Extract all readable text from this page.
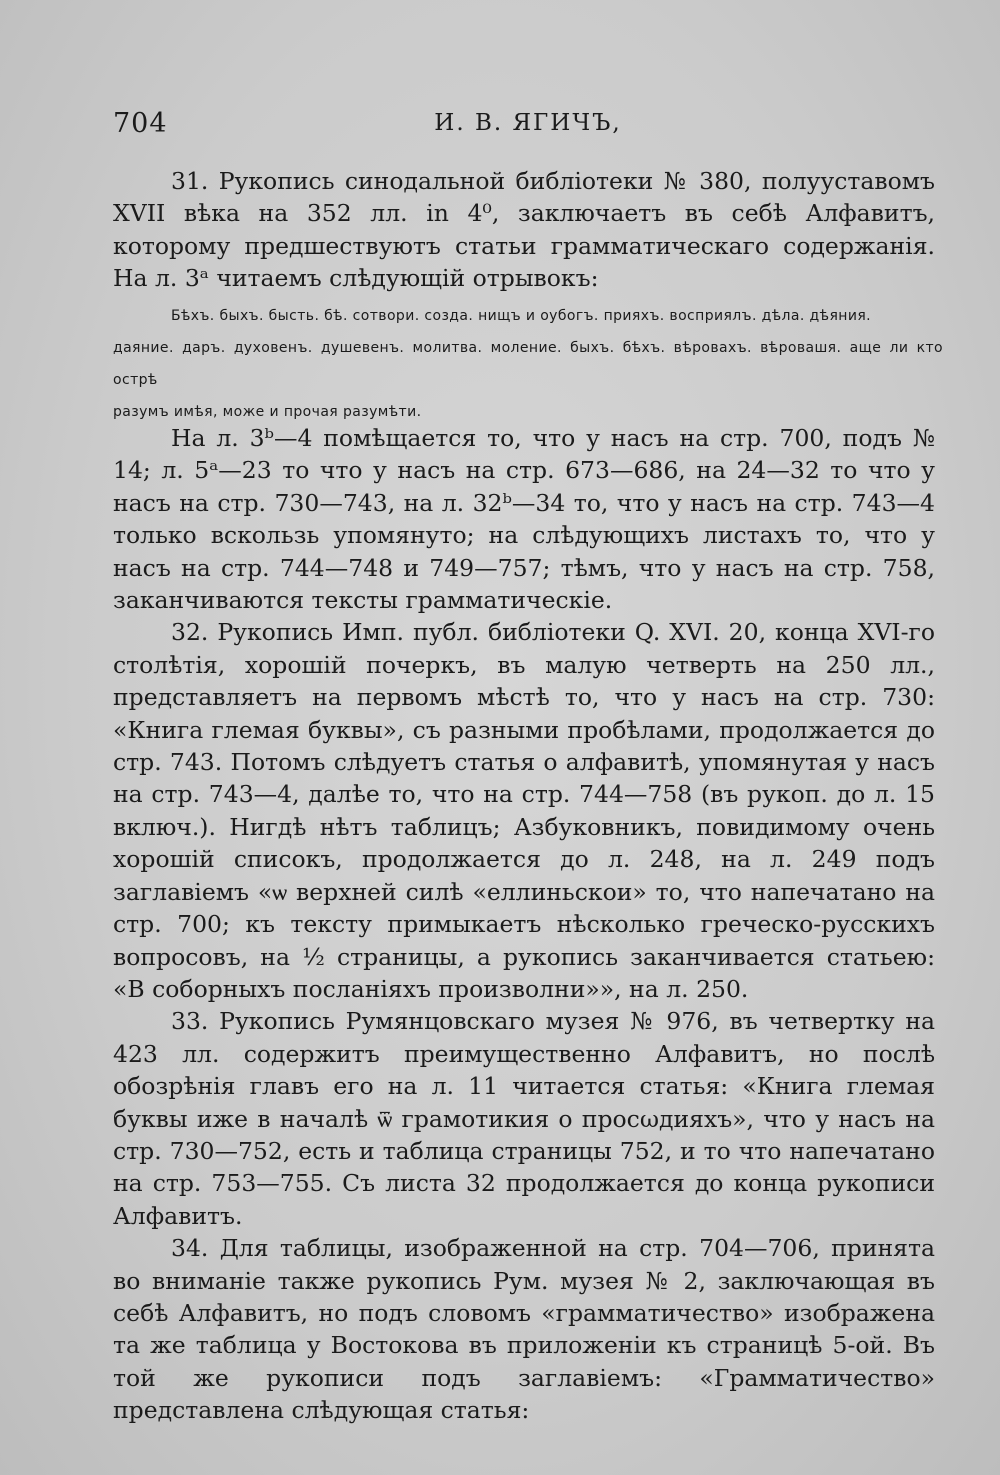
704	И. В. ЯГИЧЪ,

31. Рукопись синодальной библіотеки № 380, полууставомъ XVII вѣка на 352 лл. in 4⁰, заключаетъ въ себѣ Алфавитъ, которому предшествуютъ статьи грамматическаго содержанія. На л. 3ᵃ читаемъ слѣдующій отрывокъ:

Бѣхъ. быхъ. бысть. бѣ. сотвори. созда. нищъ и оубогъ. прияхъ. восприялъ. дѣла. дѣяния.

даяние. даръ. духовенъ. душевенъ. молитва. моление. быхъ. бѣхъ. вѣровахъ. вѣровашя. аще ли кто острѣ

разумъ имѣя, може и прочая разумѣти.

На л. 3ᵇ—4 помѣщается то, что у насъ на стр. 700, подъ № 14; л. 5ᵃ—23 то что у насъ на стр. 673—686, на 24—32 то что у насъ на стр. 730—743, на л. 32ᵇ—34 то, что у насъ на стр. 743—4 только вскользь упомянуто; на слѣдующихъ листахъ то, что у насъ на стр. 744—748 и 749—757; тѣмъ, что у насъ на стр. 758, заканчиваются тексты грамматическіе.

32. Рукопись Имп. публ. библіотеки Q. XVI. 20, конца XVI-го столѣтія, хорошій почеркъ, въ малую четверть на 250 лл., представляетъ на первомъ мѣстѣ то, что у насъ на стр. 730: «Книга глемая буквы», съ разными пробѣлами, продолжается до стр. 743. Потомъ слѣдуетъ статья о алфавитѣ, упомянутая у насъ на стр. 743—4, далѣе то, что на стр. 744—758 (въ рукоп. до л. 15 включ.). Нигдѣ нѣтъ таблицъ; Азбуковникъ, повидимому очень хорошій списокъ, продолжается до л. 248, на л. 249 подъ заглавіемъ «ѡ верхней силѣ «еллиньскои» то, что напечатано на стр. 700; къ тексту примыкаетъ нѣсколько греческо-русскихъ вопросовъ, на ½ страницы, а рукопись заканчивается статьею: «В соборныхъ посланіяхъ произволни»», на л. 250.

33. Рукопись Румянцовскаго музея № 976, въ четвертку на 423 лл. содержитъ преимущественно Алфавитъ, но послѣ обозрѣнія главъ его на л. 11 читается статья: «Книга глемая буквы иже в началѣ ѿ грамотикия о просωдияхъ», что у насъ на стр. 730—752, есть и таблица страницы 752, и то что напечатано на стр. 753—755. Съ листа 32 продолжается до конца рукописи Алфавитъ.

34. Для таблицы, изображенной на стр. 704—706, принята во вниманіе также рукопись Рум. музея № 2, заключающая въ себѣ Алфавитъ, но подъ словомъ «грамматичество» изображена та же таблица у Востокова въ приложеніи къ страницѣ 5-ой. Въ той же рукописи подъ заглавіемъ: «Грамматичество» представлена слѣдующая статья:
